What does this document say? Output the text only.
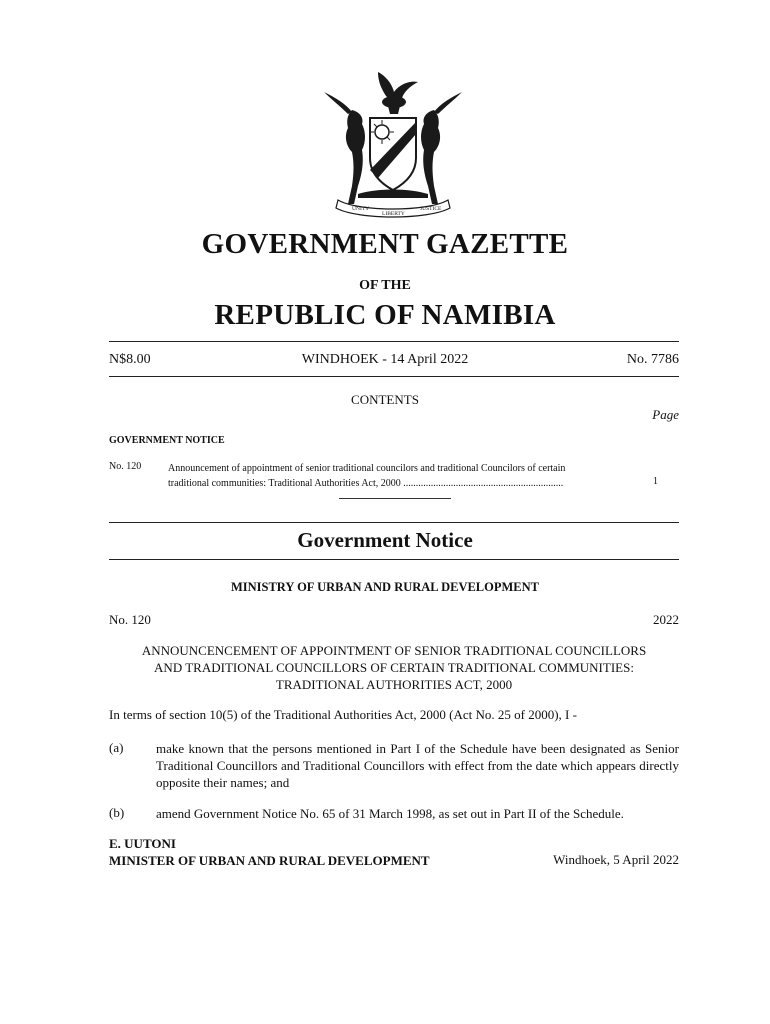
UNITY
LIBERTY
JUSTICE
GOVERNMENT GAZETTE
OF THE
REPUBLIC OF NAMIBIA
N$8.00	WINDHOEK - 14 April 2022	No. 7786
CONTENTS
Page
GOVERNMENT NOTICE
No. 120	Announcement of appointment of senior traditional councilors and traditional Councilors of certain
traditional communities: Traditional Authorities Act, 2000 ................................................................	1
Government Notice
MINISTRY OF URBAN AND RURAL DEVELOPMENT
No. 120	2022
ANNOUNCENCEMENT OF APPOINTMENT OF SENIOR TRADITIONAL COUNCILLORS
AND TRADITIONAL COUNCILLORS OF CERTAIN TRADITIONAL COMMUNITIES:
TRADITIONAL AUTHORITIES ACT, 2000
In terms of section 10(5) of the Traditional Authorities Act, 2000 (Act No. 25 of 2000), I -
(a)	make known that the persons mentioned in Part I of the Schedule have been designated as Senior Traditional Councillors and Traditional Councillors with effect from the date which appears directly opposite their names; and
(b) amend Government Notice No. 65 of 31 March 1998, as set out in Part II of the Schedule.
E. UUTONI
MINISTER OF URBAN AND RURAL DEVELOPMENT	Windhoek, 5 April 2022
